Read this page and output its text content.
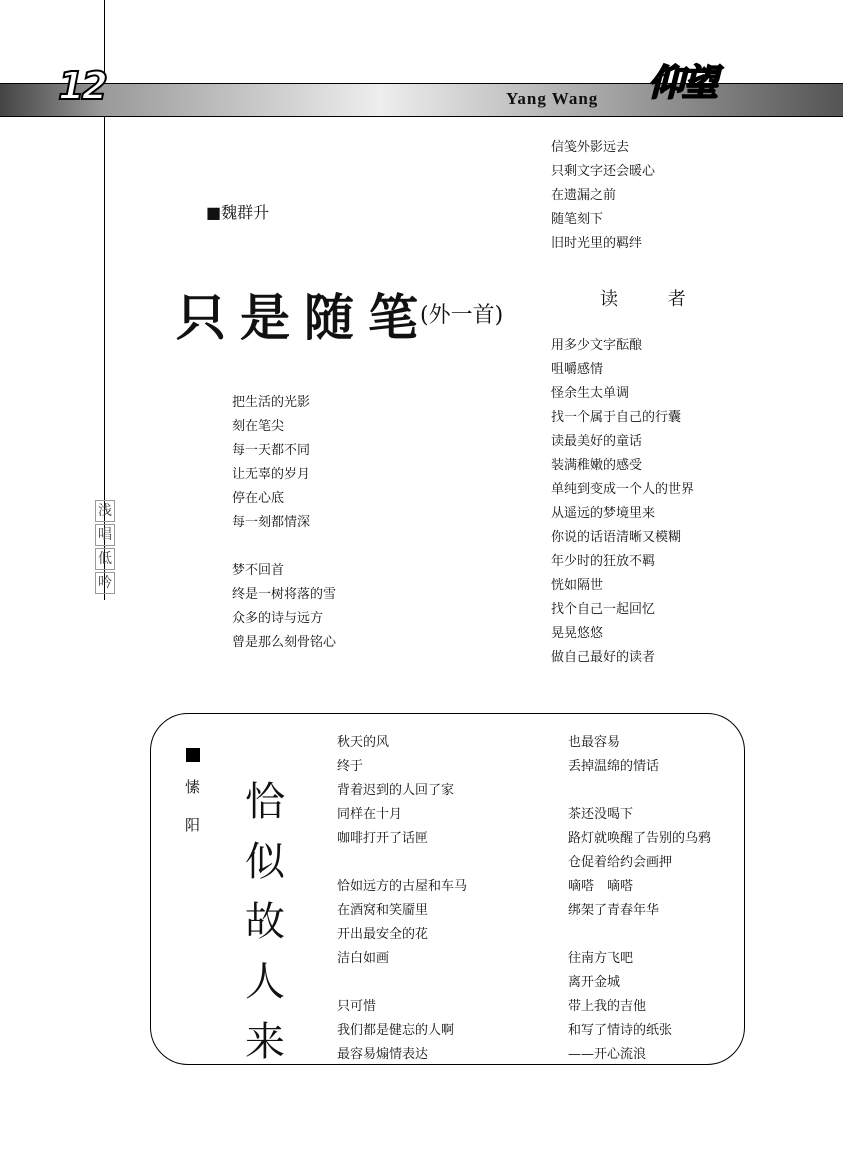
12	仰望
Yang Wang
浅
唱
低
吟
■魏群升
只是随笔
(外一首)
把生活的光影
刻在笔尖
每一天都不同
让无辜的岁月
停在心底
每一刻都情深
梦不回首
终是一树将落的雪
众多的诗与远方
曾是那么刻骨铭心
信笺外影远去
只剩文字还会暖心
在遗漏之前
随笔刻下
旧时光里的羁绊
读 者
用多少文字酝酿
咀嚼感情
怪余生太单调
找一个属于自己的行囊
读最美好的童话
装满稚嫩的感受
单纯到变成一个人的世界
从遥远的梦境里来
你说的话语清晰又模糊
年少时的狂放不羁
恍如隔世
找个自己一起回忆
晃晃悠悠
做自己最好的读者
愫阳 恰似故人来
秋天的风
终于
背着迟到的人回了家
同样在十月
咖啡打开了话匣
恰如远方的古屋和车马
在酒窝和笑靥里
开出最安全的花
洁白如画
只可惜
我们都是健忘的人啊
最容易煽情表达
也最容易
丢掉温绵的情话
茶还没喝下
路灯就唤醒了告别的乌鸦
仓促着给约会画押
嘀嗒　嘀嗒
绑架了青春年华
往南方飞吧
离开金城
带上我的吉他
和写了情诗的纸张
——开心流浪
